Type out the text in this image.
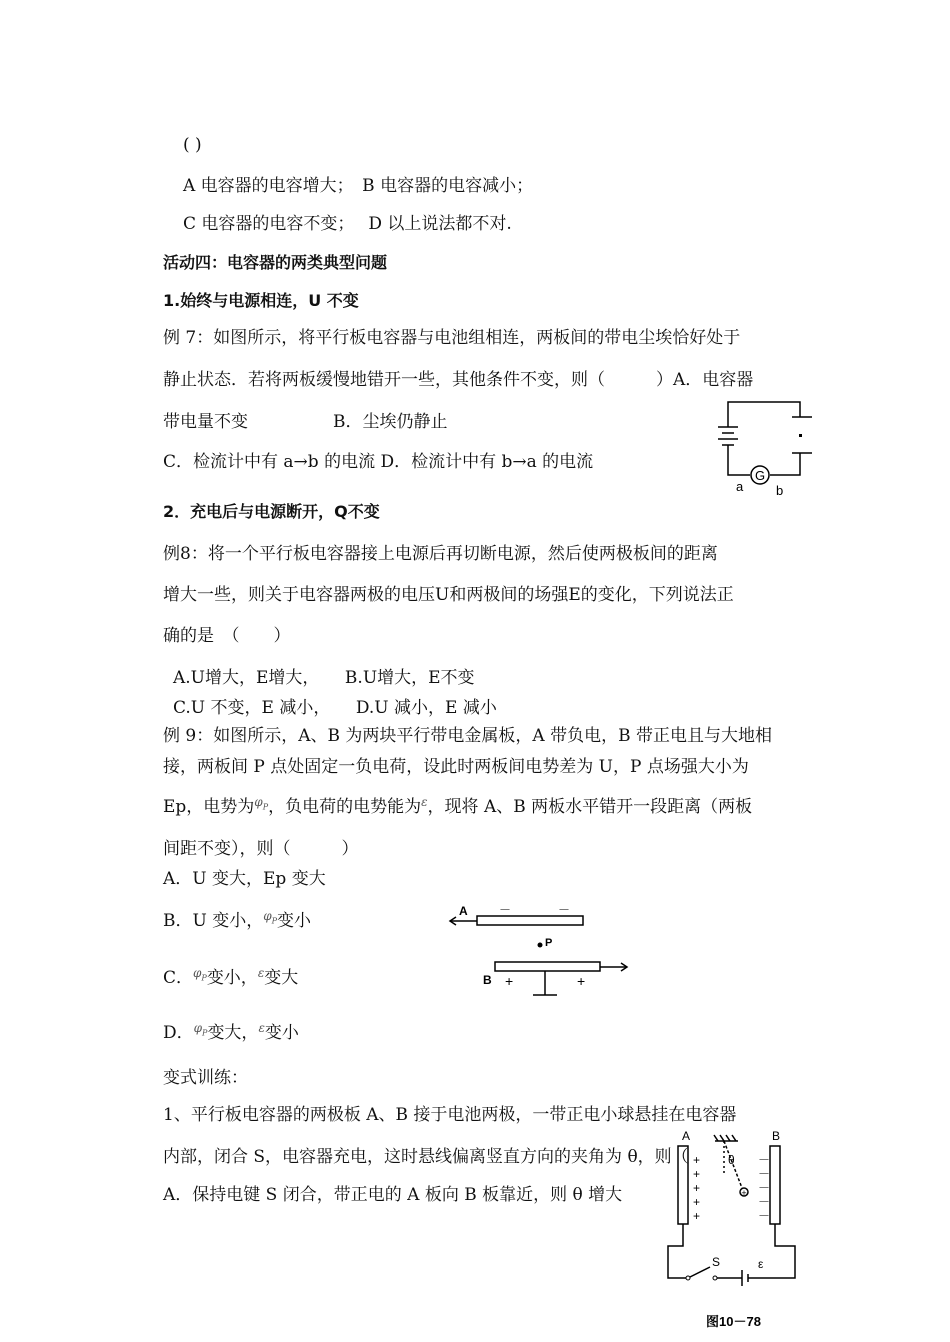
( )
A 电容器的电容增大；　B 电容器的电容减小；
C 电容器的电容不变；　 D 以上说法都不对.
活动四：电容器的两类典型问题
1.始终与电源相连，U 不变
例 7：如图所示，将平行板电容器与电池组相连，两板间的带电尘埃恰好处于
静止状态．若将两板缓慢地错开一些，其他条件不变，则（　　　）A．电容器
带电量不变　　　　　B．尘埃仍静止
C．检流计中有 a→b 的电流 D．检流计中有 b→a 的电流
G
a	b
2．充电后与电源断开，Q不变
例8：将一个平行板电容器接上电源后再切断电源，然后使两极板间的距离
增大一些，则关于电容器两极的电压U和两极间的场强E的变化，下列说法正
确的是　（　　）
A.U增大，E增大，　　B.U增大，E不变
C.U 不变，E 减小，　　D.U 减小，E 减小
例 9：如图所示，A、B 为两块平行带电金属板，A 带负电，B 带正电且与大地相
接，两板间 P 点处固定一负电荷，设此时两板间电势差为 U，P 点场强大小为
Ep，电势为$^{\varphi_P}$，负电荷的电势能为$^\varepsilon$，现将 A、B 两板水平错开一段距离（两板
间距不变），则（　　　）
A．U 变大，Ep 变大
B．U 变小，$^{\varphi_P}$变小
C．$^{\varphi_P}$变小，$^\varepsilon$变大
D．$^{\varphi_P}$变大，$^\varepsilon$变小
A	－	－
P
B +	+
变式训练：
1、平行板电容器的两极板 A、B 接于电池两极，一带正电小球悬挂在电容器
内部，闭合 S，电容器充电，这时悬线偏离竖直方向的夹角为 θ，则（
A．保持电键 S 闭合，带正电的 A 板向 B 板靠近，则 θ 增大	+
A	B
θ
S	ε
+
+
+
+
+
－
－
－
－
－
图10－78
